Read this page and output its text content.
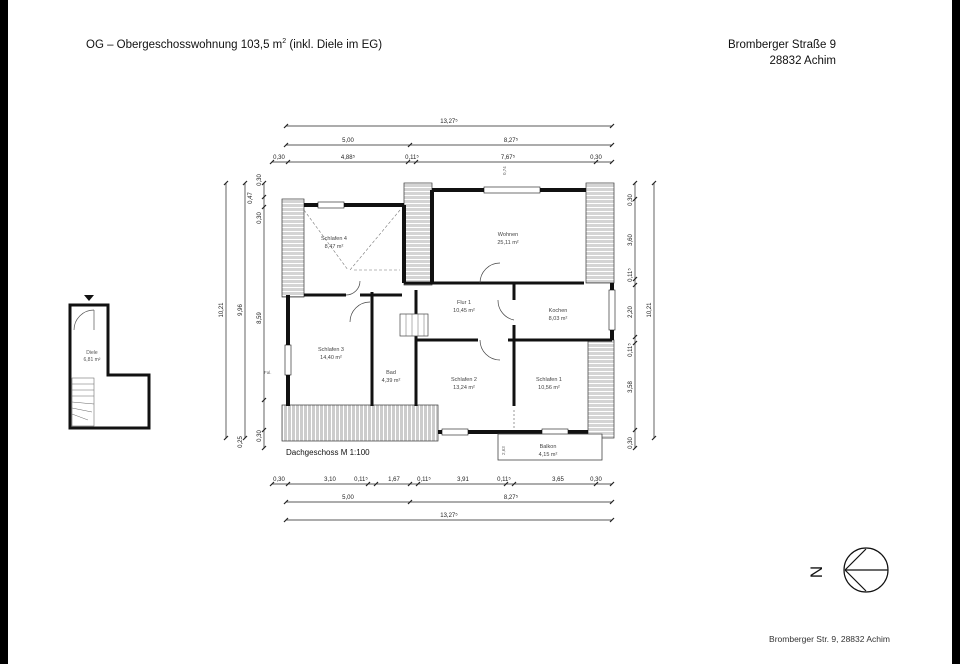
OG – Obergeschosswohnung 103,5 $m^2$ (inkl. Diele im EG)	Bromberger Straße 9
28832 Achim
Bromberger Str. 9, 28832 Achim
Diele
6,81 m²
Schlafen 4
8,47 m²
Wohnen
25,11 m²
Flur 1
10,45 m²	Kochen
8,03 m²
Schlafen 3
14,40 m²
Bad
4,39 m²	Schlafen 2
13,24 m²
Schlafen 1
10,56 m²
Balkon
4,15 m²
Fal.
0,74
2,63
Dachgeschoss M 1:100
13,27⁵
5,00	8,27⁵
0,30	4,88⁵	0,11⁵	7,67⁵	0,30
0,30	3,10	0,11⁵	1,67	0,11⁵	3,91	0,11⁵	3,65	0,30
5,00	8,27⁵
13,27⁵
10,21 9,96
0,30
0,47
0,30
8,59
0,25
0,30
0,30
3,60
0,11⁵
2,20
0,11⁵
3,58
0,30
10,21
N
